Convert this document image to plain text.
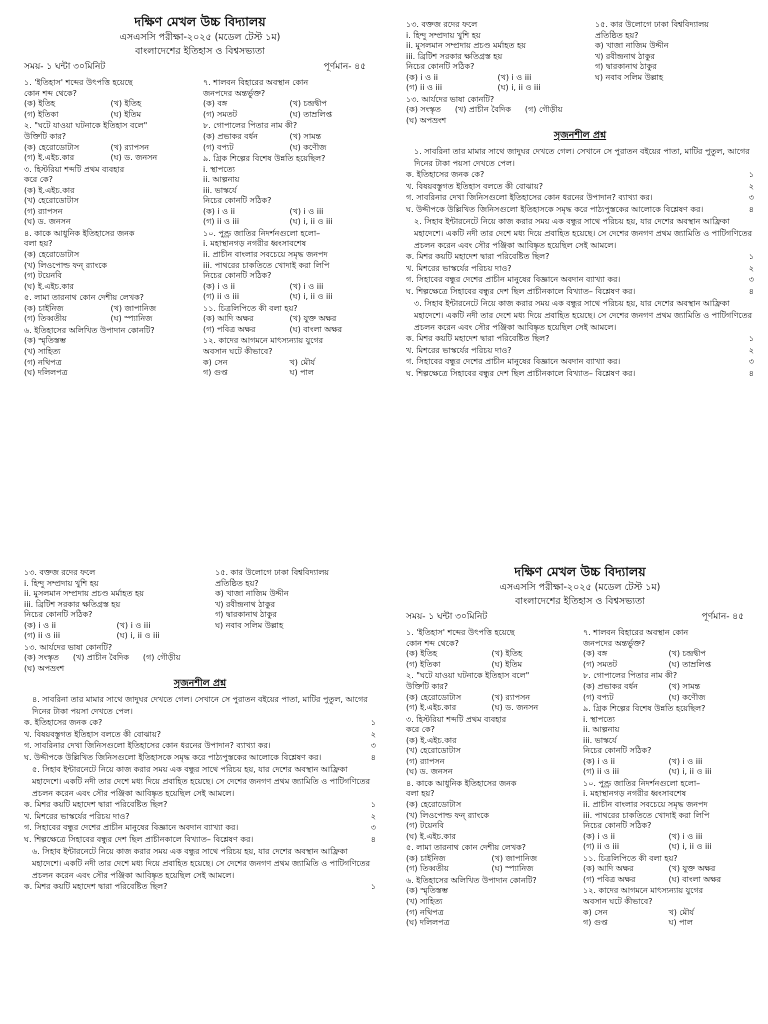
দক্ষিণ মেখল উচ্চ বিদ্যালয়
এসএসসি পরীক্ষা-২০২৫ (মডেল টেস্ট ১ম)
বাংলাদেশের ইতিহাস ও বিশ্বসভ্যতা
সময়- ১ ঘন্টা ৩০মিনিট	পূর্ণমান- ৪৫
১. 'ইতিহাস' শব্দের উৎপত্তি হয়েছে
কোন শব্দ থেকে?
(ক) ইতিহ	(খ) ইতিহ
(গ) ইতিকা	(ঘ) ইতিম
২. "ঘটে যাওয়া ঘটনাকে ইতিহাস বলে"
উক্তিটি কার?
(ক) হেরোডোটাস	(খ) র‍্যাপসন
(গ) ই.এইচ.কার	(ঘ) ড. জনসন
৩. হিস্টরিয়া শব্দটি প্রথম ব্যবহার
করে কে?
(ক) ই.এইচ.কার
(খ) হেরোডোটাস
(গ) র‍্যাপসন
(ঘ) ড. জনসন
৪. কাকে আধুনিক ইতিহাসের জনক
বলা হয়?
(ক) হেরোডোটাস
(খ) লিওপোল্ড ফন্ র‍্যাংকে
(গ) টয়েনবি
(ঘ) ই.এইচ.কার
৫. লামা তারনাথ কোন দেশীয় লেখক?
(ক) চাইনিজ	(খ) জাপানিজ
(গ) তিব্বতীয়	(ঘ) স্প্যানিজ
৬. ইতিহাসের অলিখিত উপাদান কোনটি?
(ক) স্মৃতিস্তম্ভ
(খ) সাহিত্য
(গ) নথিপত্র
(ঘ) দলিলপত্র
৭. শালবন বিহারের অবস্থান কোন
জনপদের অন্তর্ভুক্ত?
(ক) বঙ্গ	(খ) চন্দ্রদ্বীপ
(গ) সমতট	(ঘ) তাম্রলিপ্ত
৮. গোপালের পিতার নাম কী?
(ক) প্রভাকর বর্ধন	(খ) সামন্ত
(গ) বপ্যট	(ঘ) কণৌজ
৯. গ্রিক শিল্পের বিশেষ উন্নতি হয়েছিল?
i. স্থাপত্যে
ii. আল্পনায়
iii. ভাস্কর্যে
নিচের কোনটি সঠিক?
(ক) i ও ii	(খ) i ও iii
(গ) ii ও iii	(ঘ) i, ii ও iii
১০. পুণ্ড্র জাতির নিদর্শনগুলো হলো–
i. মহাস্থানগড় নগরীর ধ্বংসাবশেষ
ii. প্রাচীন বাংলার সবচেয়ে সমৃদ্ধ জনপদ
iii. পাথরের চাকতিতে খোদাই করা লিপি
নিচের কোনটি সঠিক?
(ক) i ও ii	(খ) i ও iii
(গ) ii ও iii	(ঘ) i, ii ও iii
১১. চিত্রলিপিতে কী বলা হয়?
(ক) আদি অক্ষর	(খ) যুক্ত অক্ষর
(গ) পবিত্র অক্ষর	(ঘ) বাংলা অক্ষর
১২. কাদের আগমনে মাৎস্যন্যায় যুগের
অবসান ঘটে কীভাবে?
ক) সেন	খ) মৌর্য
গ) গুপ্ত	ঘ) পাল
১৩. বক্তজ রদের ফলে
i. হিন্দু সম্প্রদায় খুশি হয়
ii. মুসলমান সম্প্রদায় প্রচণ্ড মর্মাহত হয়
iii. ব্রিটিশ সরকার ক্ষতিগ্রস্ত হয়
নিচের কোনটি সঠিক?
(ক) i ও ii	(খ) i ও iii
(গ) ii ও iii	(ঘ) i, ii ও iii
১৩. আর্যদের ভাষা কোনটি?
(ক) সংস্কৃত (খ) প্রাচীন বৈদিক (গ) গৌড়ীয়
(ঘ) অপভ্রংশ
১৫. কার উলোগে ঢাকা বিশ্ববিদ্যালয়
প্রতিষ্ঠিত হয়?
ক) খাজা নাজিম উদ্দীন
খ) রবীন্দ্রনাথ ঠাকুর
গ) দ্বারকানাথ ঠাকুর
ঘ) নবাব সলিম উল্লাহ
সৃজনশীল প্রশ্ন
১. সাবরিনা তার মামার সাথে জাদুঘর দেখতে গেল। সেখানে সে পুরাতন বইয়ের পাতা, মাটির পুতুল, আগের দিনের টাকা পয়সা দেখতে পেল।
ক. ইতিহাসের জনক কে?	১
খ. বিষয়বস্তুগত ইতিহাস বলতে কী বোঝায়?	২
গ. সাবরিনার দেখা জিনিসগুলো ইতিহাসের কোন ধরনের উপাদান? ব্যাখ্যা কর।	৩
ঘ. উদ্দীপকে উল্লিখিত জিনিসগুলো ইতিহাসকে সমৃদ্ধ করে পাঠ্যপুস্তকের আলোকে বিশ্লেষণ কর।	৪
২. সিহাব ইন্টারনেটে নিয়ে কাজ করার সময় এক বন্ধুর সাথে পরিচয় হয়, যার দেশের অবস্থান আফ্রিকা মহাদেশে। একটি নদী তার দেশে মধ্য দিয়ে প্রবাহিত হয়েছে। সে দেশের জনগণ প্রথম জ্যামিতি ও পাটিগণিতের প্রচলন করেন এবং সৌর পঞ্জিকা আবিষ্কৃত হয়েছিল সেই আমলে।
ক. মিশর কয়টি মহাদেশ দ্বারা পরিবেষ্টিত ছিল?	১
খ. মিশরের ভাস্কর্যের পরিচয় দাও?	২
গ. সিহাবের বন্ধুর দেশের প্রাচীন মানুষের বিজ্ঞানে অবদান ব্যাখ্যা কর।	৩
ঘ. শিল্পক্ষেত্রে সিহাবের বন্ধুর দেশ ছিল প্রাচীনকালে বিখ্যাত– বিশ্লেষণ কর।	৪
৩. সিহাব ইন্টারনেটে নিয়ে কাজ করার সময় এক বন্ধুর সাথে পরিচয় হয়, যার দেশের অবস্থান আফ্রিকা মহাদেশে। একটি নদী তার দেশে মধ্য দিয়ে প্রবাহিত হয়েছে। সে দেশের জনগণ প্রথম জ্যামিতি ও পাটিগণিতের প্রচলন করেন এবং সৌর পঞ্জিকা আবিষ্কৃত হয়েছিল সেই আমলে।
ক. মিশর কয়টি মহাদেশ দ্বারা পরিবেষ্টিত ছিল?	১
খ. মিশরের ভাস্কর্যের পরিচয় দাও?	২
গ. সিহাবের বন্ধুর দেশের প্রাচীন মানুষের বিজ্ঞানে অবদান ব্যাখ্যা কর।	৩
ঘ. শিল্পক্ষেত্রে সিহাবের বন্ধুর দেশ ছিল প্রাচীনকালে বিখ্যাত– বিশ্লেষণ কর।	৪
১৩. বক্তজ রদের ফলে
i. হিন্দু সম্প্রদায় খুশি হয়
ii. মুসলমান সম্প্রদায় প্রচণ্ড মর্মাহত হয়
iii. ব্রিটিশ সরকার ক্ষতিগ্রস্ত হয়
নিচের কোনটি সঠিক?
(ক) i ও ii	(খ) i ও iii
(গ) ii ও iii	(ঘ) i, ii ও iii
১৩. আর্যদের ভাষা কোনটি?
(ক) সংস্কৃত (খ) প্রাচীন বৈদিক (গ) গৌড়ীয়
(ঘ) অপভ্রংশ
১৫. কার উলোগে ঢাকা বিশ্ববিদ্যালয়
প্রতিষ্ঠিত হয়?
ক) খাজা নাজিম উদ্দীন
খ) রবীন্দ্রনাথ ঠাকুর
গ) দ্বারকানাথ ঠাকুর
ঘ) নবাব সলিম উল্লাহ
সৃজনশীল প্রশ্ন
৪. সাবরিনা তার মামার সাথে জাদুঘর দেখতে গেল। সেখানে সে পুরাতন বইয়ের পাতা, মাটির পুতুল, আগের দিনের টাকা পয়সা দেখতে পেল।
ক. ইতিহাসের জনক কে?	১
খ. বিষয়বস্তুগত ইতিহাস বলতে কী বোঝায়?	২
গ. সাবরিনার দেখা জিনিসগুলো ইতিহাসের কোন ধরনের উপাদান? ব্যাখ্যা কর।	৩
ঘ. উদ্দীপকে উল্লিখিত জিনিসগুলো ইতিহাসকে সমৃদ্ধ করে পাঠ্যপুস্তকের আলোকে বিশ্লেষণ কর।	৪
৫. সিহাব ইন্টারনেটে নিয়ে কাজ করার সময় এক বন্ধুর সাথে পরিচয় হয়, যার দেশের অবস্থান আফ্রিকা মহাদেশে। একটি নদী তার দেশে মধ্য দিয়ে প্রবাহিত হয়েছে। সে দেশের জনগণ প্রথম জ্যামিতি ও পাটিগণিতের প্রচলন করেন এবং সৌর পঞ্জিকা আবিষ্কৃত হয়েছিল সেই আমলে।
ক. মিশর কয়টি মহাদেশ দ্বারা পরিবেষ্টিত ছিল?	১
খ. মিশরের ভাস্কর্যের পরিচয় দাও?	২
গ. সিহাবের বন্ধুর দেশের প্রাচীন মানুষের বিজ্ঞানে অবদান ব্যাখ্যা কর।	৩
ঘ. শিল্পক্ষেত্রে সিহাবের বন্ধুর দেশ ছিল প্রাচীনকালে বিখ্যাত– বিশ্লেষণ কর।	৪
৬. সিহাব ইন্টারনেটে নিয়ে কাজ করার সময় এক বন্ধুর সাথে পরিচয় হয়, যার দেশের অবস্থান আফ্রিকা মহাদেশে। একটি নদী তার দেশে মধ্য দিয়ে প্রবাহিত হয়েছে। সে দেশের জনগণ প্রথম জ্যামিতি ও পাটিগণিতের প্রচলন করেন এবং সৌর পঞ্জিকা আবিষ্কৃত হয়েছিল সেই আমলে।
ক. মিশর কয়টি মহাদেশ দ্বারা পরিবেষ্টিত ছিল?	১
দক্ষিণ মেখল উচ্চ বিদ্যালয়
এসএসসি পরীক্ষা-২০২৫ (মডেল টেস্ট ১ম)
বাংলাদেশের ইতিহাস ও বিশ্বসভ্যতা
সময়- ১ ঘন্টা ৩০মিনিট	পূর্ণমান- ৪৫
১. 'ইতিহাস' শব্দের উৎপত্তি হয়েছে
কোন শব্দ থেকে?
(ক) ইতিহ	(খ) ইতিহ
(গ) ইতিকা	(ঘ) ইতিম
২. "ঘটে যাওয়া ঘটনাকে ইতিহাস বলে"
উক্তিটি কার?
(ক) হেরোডোটাস	(খ) র‍্যাপসন
(গ) ই.এইচ.কার	(ঘ) ড. জনসন
৩. হিস্টরিয়া শব্দটি প্রথম ব্যবহার
করে কে?
(ক) ই.এইচ.কার
(খ) হেরোডোটাস
(গ) র‍্যাপসন
(ঘ) ড. জনসন
৪. কাকে আধুনিক ইতিহাসের জনক
বলা হয়?
(ক) হেরোডোটাস
(খ) লিওপোল্ড ফন্ র‍্যাংকে
(গ) টয়েনবি
(ঘ) ই.এইচ.কার
৫. লামা তারনাথ কোন দেশীয় লেখক?
(ক) চাইনিজ	(খ) জাপানিজ
(গ) তিব্বতীয়	(ঘ) স্প্যানিজ
৬. ইতিহাসের অলিখিত উপাদান কোনটি?
(ক) স্মৃতিস্তম্ভ
(খ) সাহিত্য
(গ) নথিপত্র
(ঘ) দলিলপত্র
৭. শালবন বিহারের অবস্থান কোন
জনপদের অন্তর্ভুক্ত?
(ক) বঙ্গ	(খ) চন্দ্রদ্বীপ
(গ) সমতট	(ঘ) তাম্রলিপ্ত
৮. গোপালের পিতার নাম কী?
(ক) প্রভাকর বর্ধন	(খ) সামন্ত
(গ) বপ্যট	(ঘ) কণৌজ
৯. গ্রিক শিল্পের বিশেষ উন্নতি হয়েছিল?
i. স্থাপত্যে
ii. আল্পনায়
iii. ভাস্কর্যে
নিচের কোনটি সঠিক?
(ক) i ও ii	(খ) i ও iii
(গ) ii ও iii	(ঘ) i, ii ও iii
১০. পুণ্ড্র জাতির নিদর্শনগুলো হলো–
i. মহাস্থানগড় নগরীর ধ্বংসাবশেষ
ii. প্রাচীন বাংলার সবচেয়ে সমৃদ্ধ জনপদ
iii. পাথরের চাকতিতে খোদাই করা লিপি
নিচের কোনটি সঠিক?
(ক) i ও ii	(খ) i ও iii
(গ) ii ও iii	(ঘ) i, ii ও iii
১১. চিত্রলিপিতে কী বলা হয়?
(ক) আদি অক্ষর	(খ) যুক্ত অক্ষর
(গ) পবিত্র অক্ষর	(ঘ) বাংলা অক্ষর
১২. কাদের আগমনে মাৎস্যন্যায় যুগের
অবসান ঘটে কীভাবে?
ক) সেন	খ) মৌর্য
গ) গুপ্ত	ঘ) পাল
